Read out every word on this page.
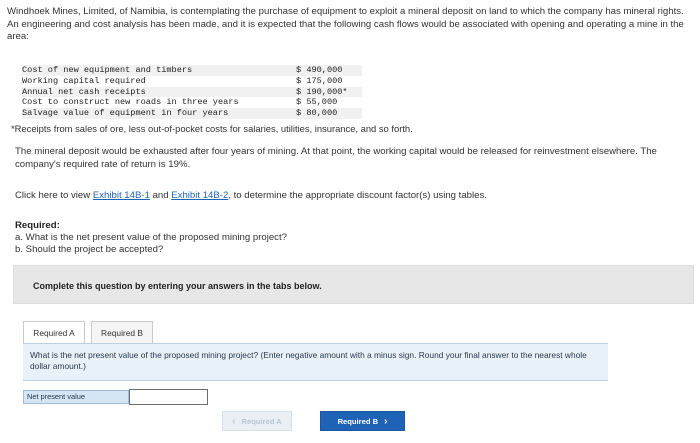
Windhoek Mines, Limited, of Namibia, is contemplating the purchase of equipment to exploit a mineral deposit on land to which the company has mineral rights. An engineering and cost analysis has been made, and it is expected that the following cash flows would be associated with opening and operating a mine in the area:
Cost of new equipment and timbers	$ 490,000
Working capital required	$ 175,000
Annual net cash receipts	$ 190,000*
Cost to construct new roads in three years	$ 55,000
Salvage value of equipment in four years	$ 80,000
*Receipts from sales of ore, less out-of-pocket costs for salaries, utilities, insurance, and so forth.
The mineral deposit would be exhausted after four years of mining. At that point, the working capital would be released for reinvestment elsewhere. The company's required rate of return is 19%.
Click here to view Exhibit 14B-1 and Exhibit 14B-2, to determine the appropriate discount factor(s) using tables.
Required:
a. What is the net present value of the proposed mining project?
b. Should the project be accepted?
Complete this question by entering your answers in the tabs below.
Required A	Required B

What is the net present value of the proposed mining project? (Enter negative amount with a minus sign. Round your final answer to the nearest whole dollar amount.)

Net present value
‹ Required A	Required B ›
